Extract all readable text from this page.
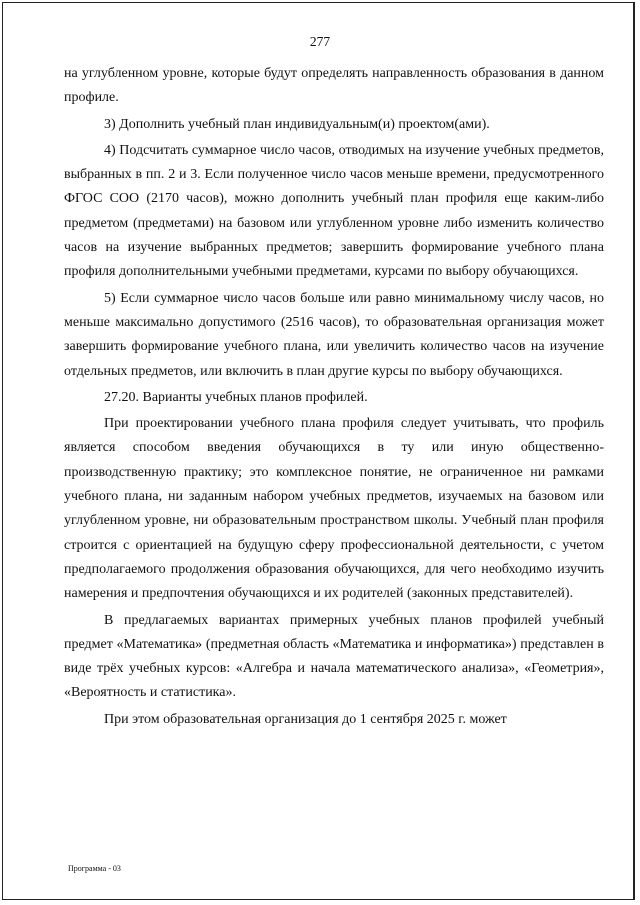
277

на углубленном уровне, которые будут определять направленность образования в данном профиле.

3) Дополнить учебный план индивидуальным(и) проектом(ами).

4) Подсчитать суммарное число часов, отводимых на изучение учебных предметов, выбранных в пп. 2 и 3. Если полученное число часов меньше времени, предусмотренного ФГОС СОО (2170 часов), можно дополнить учебный план профиля еще каким-либо предметом (предметами) на базовом или углубленном уровне либо изменить количество часов на изучение выбранных предметов; завершить формирование учебного плана профиля дополнительными учебными предметами, курсами по выбору обучающихся.

5) Если суммарное число часов больше или равно минимальному числу часов, но меньше максимально допустимого (2516 часов), то образовательная организация может завершить формирование учебного плана, или увеличить количество часов на изучение отдельных предметов, или включить в план другие курсы по выбору обучающихся.

27.20. Варианты учебных планов профилей.

При проектировании учебного плана профиля следует учитывать, что профиль является способом введения обучающихся в ту или иную общественно-производственную практику; это комплексное понятие, не ограниченное ни рамками учебного плана, ни заданным набором учебных предметов, изучаемых на базовом или углубленном уровне, ни образовательным пространством школы. Учебный план профиля строится с ориентацией на будущую сферу профессиональной деятельности, с учетом предполагаемого продолжения образования обучающихся, для чего необходимо изучить намерения и предпочтения обучающихся и их родителей (законных представителей).

В предлагаемых вариантах примерных учебных планов профилей учебный предмет «Математика» (предметная область «Математика и информатика») представлен в виде трёх учебных курсов: «Алгебра и начала математического анализа», «Геометрия», «Вероятность и статистика».

При этом образовательная организация до 1 сентября 2025 г. может

Программа - 03
